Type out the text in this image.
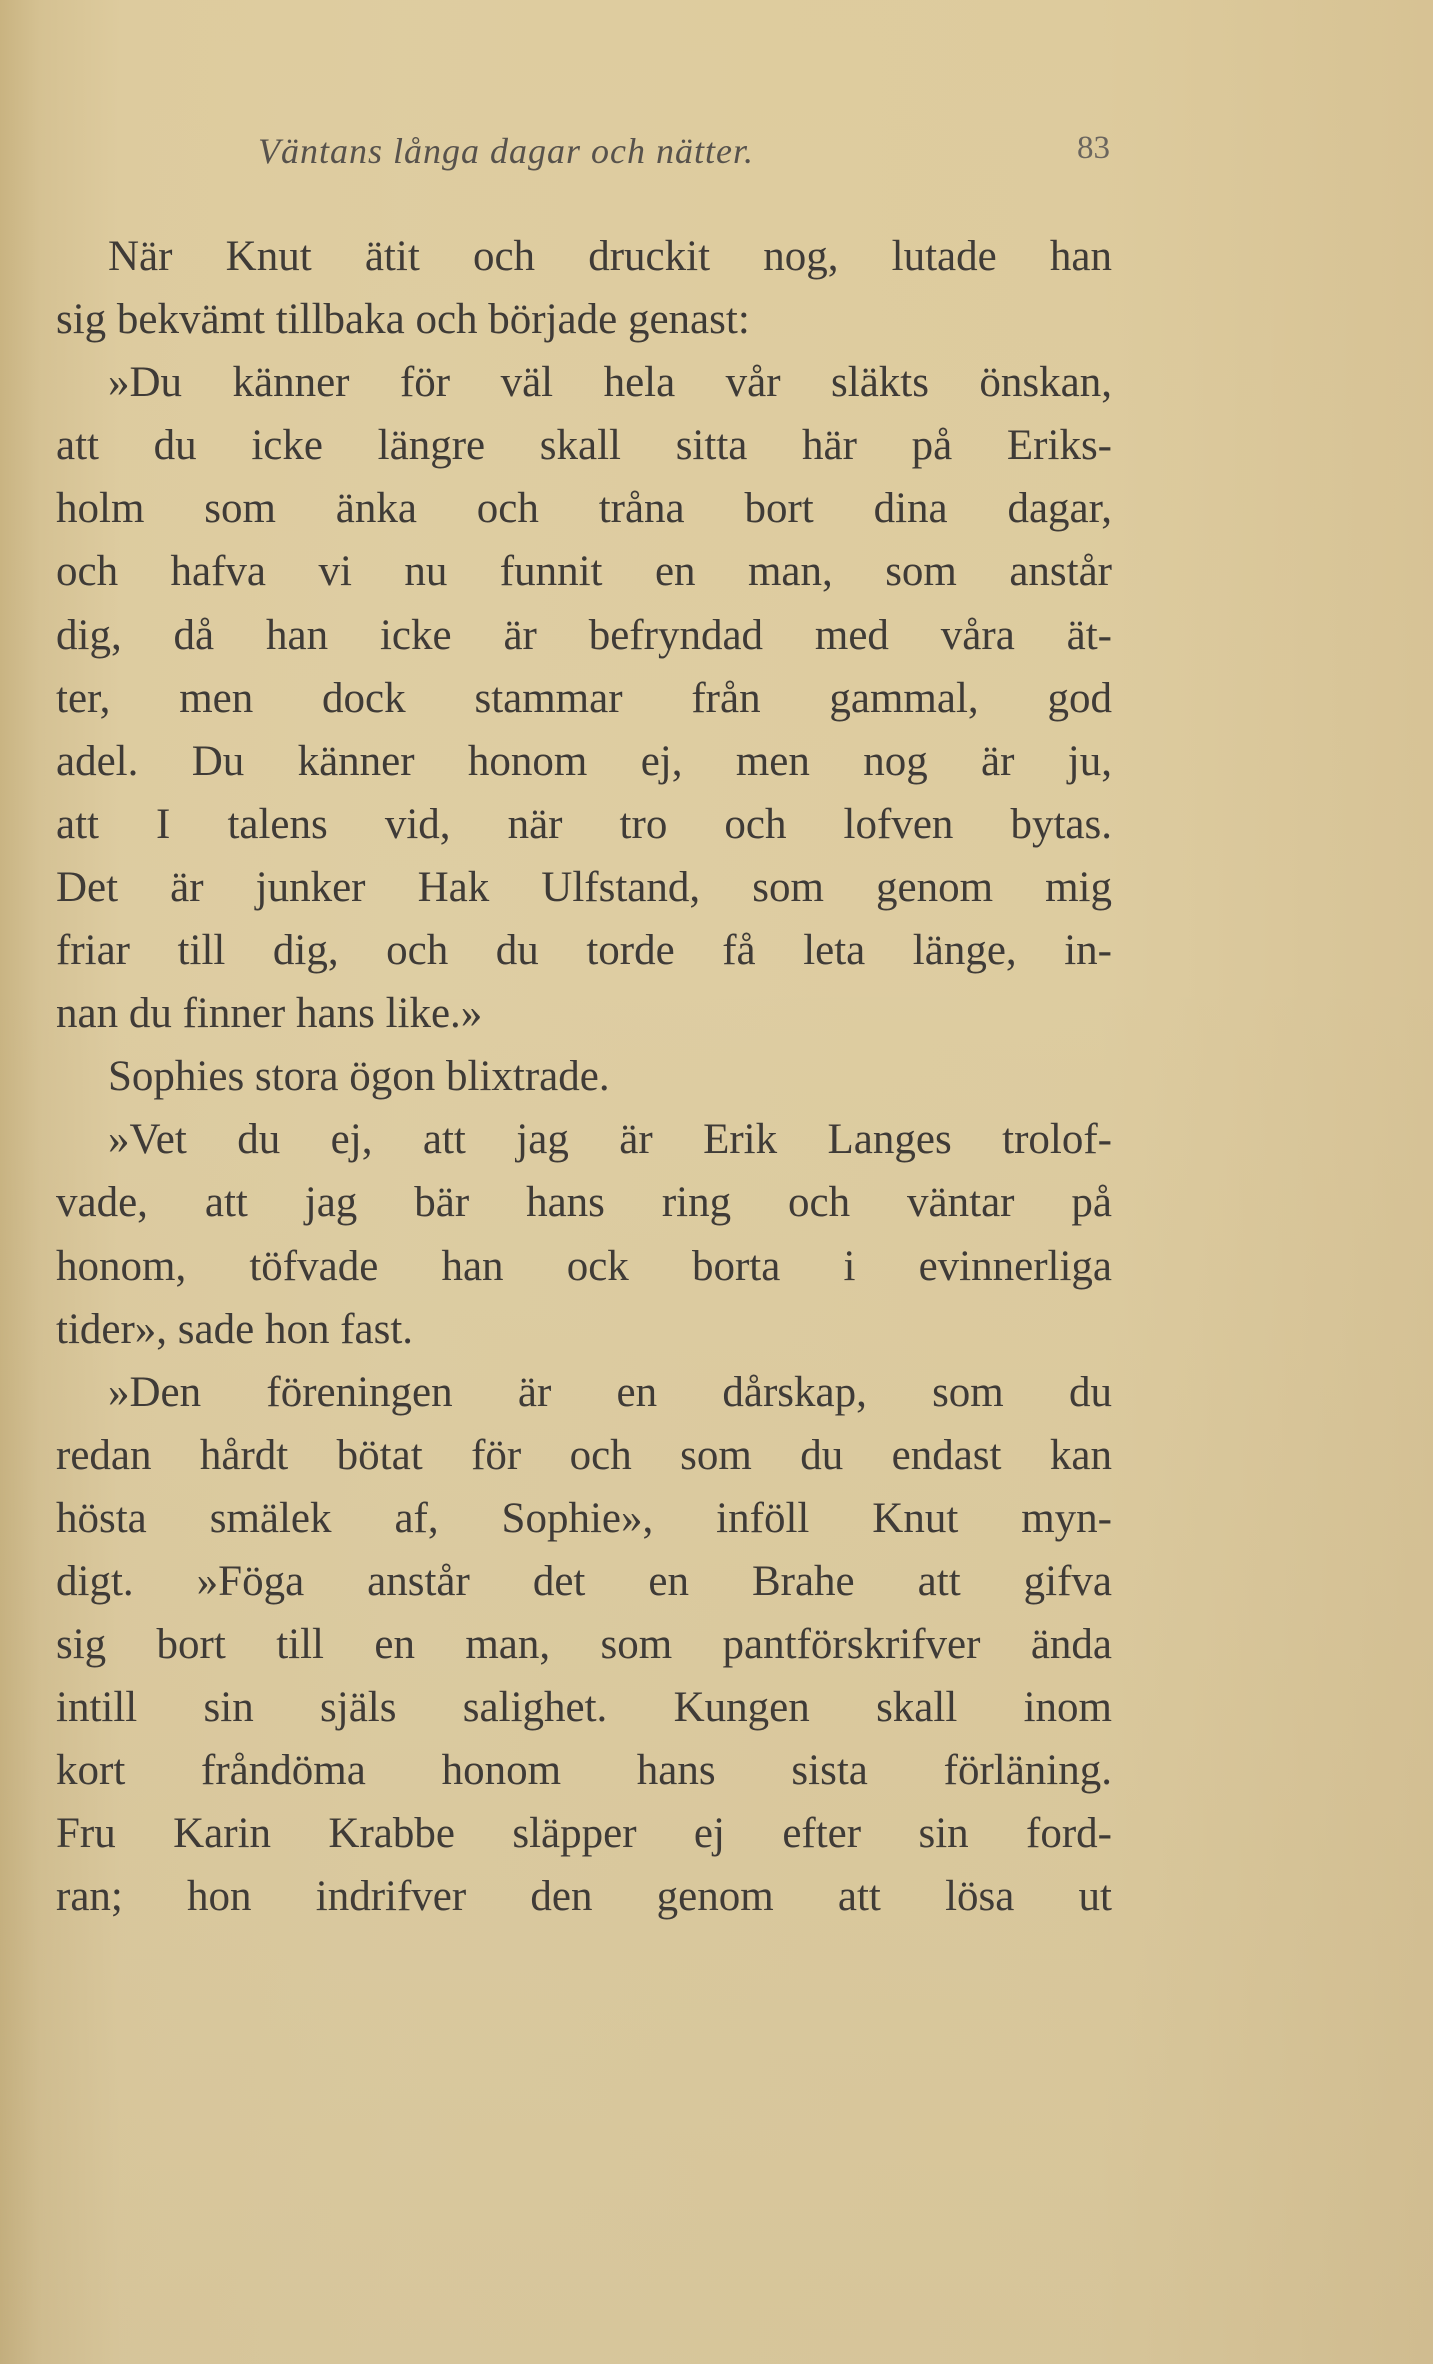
Väntans långa dagar och nätter.	83
När Knut ätit och druckit nog, lutade han
sig bekvämt tillbaka och började genast:
»Du känner för väl hela vår släkts önskan,
att du icke längre skall sitta här på Eriks-
holm som änka och tråna bort dina dagar,
och hafva vi nu funnit en man, som anstår
dig, då han icke är befryndad med våra ät-
ter, men dock stammar från gammal, god
adel. Du känner honom ej, men nog är ju,
att I talens vid, när tro och lofven bytas.
Det är junker Hak Ulfstand, som genom mig
friar till dig, och du torde få leta länge, in-
nan du finner hans like.»
Sophies stora ögon blixtrade.
»Vet du ej, att jag är Erik Langes trolof-
vade, att jag bär hans ring och väntar på
honom, töfvade han ock borta i evinnerliga
tider», sade hon fast.
»Den föreningen är en dårskap, som du
redan hårdt bötat för och som du endast kan
hösta smälek af, Sophie», inföll Knut myn-
digt. »Föga anstår det en Brahe att gifva
sig bort till en man, som pantförskrifver ända
intill sin själs salighet. Kungen skall inom
kort fråndöma honom hans sista förläning.
Fru Karin Krabbe släpper ej efter sin ford-
ran; hon indrifver den genom att lösa ut
